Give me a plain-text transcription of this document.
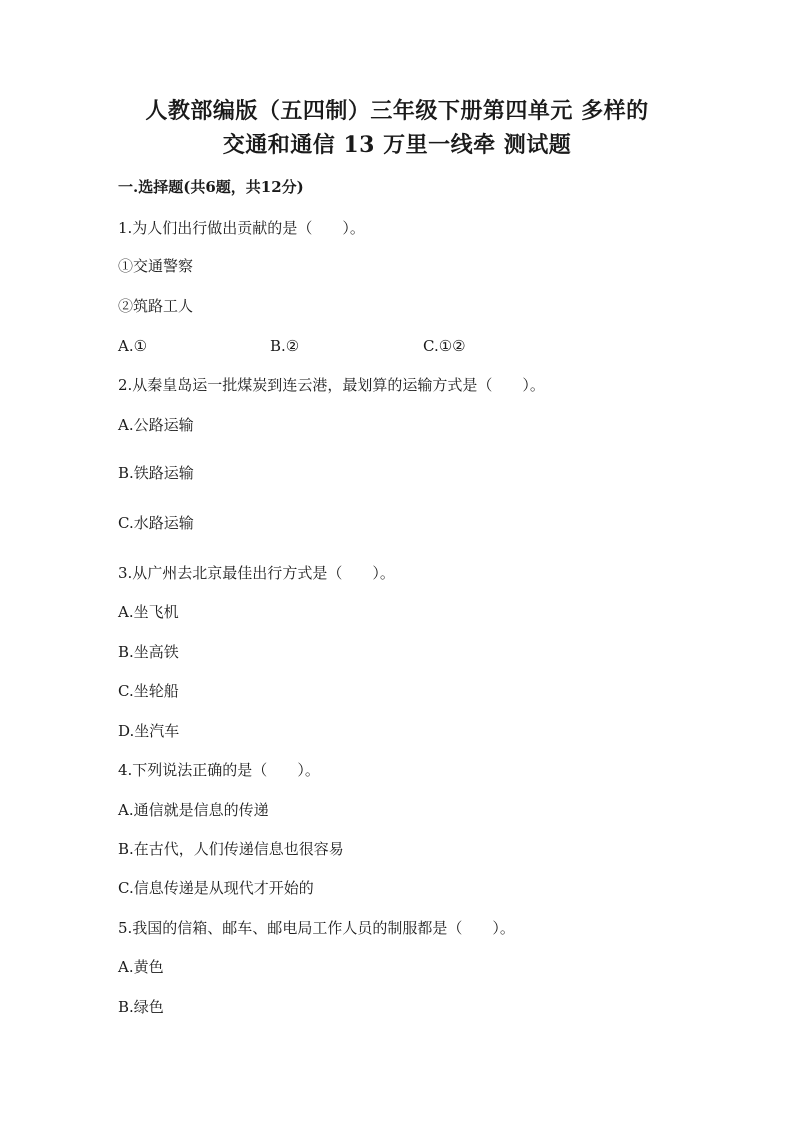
人教部编版（五四制）三年级下册第四单元 多样的
交通和通信 13 万里一线牵 测试题
一.选择题(共6题，共12分)
1.为人们出行做出贡献的是（　　）。
①交通警察
②筑路工人
A.①	B.②	C.①②
2.从秦皇岛运一批煤炭到连云港，最划算的运输方式是（　　）。
A.公路运输
B.铁路运输
C.水路运输
3.从广州去北京最佳出行方式是（　　）。
A.坐飞机
B.坐高铁
C.坐轮船
D.坐汽车
4.下列说法正确的是（　　）。
A.通信就是信息的传递
B.在古代，人们传递信息也很容易
C.信息传递是从现代才开始的
5.我国的信箱、邮车、邮电局工作人员的制服都是（　　）。
A.黄色
B.绿色
